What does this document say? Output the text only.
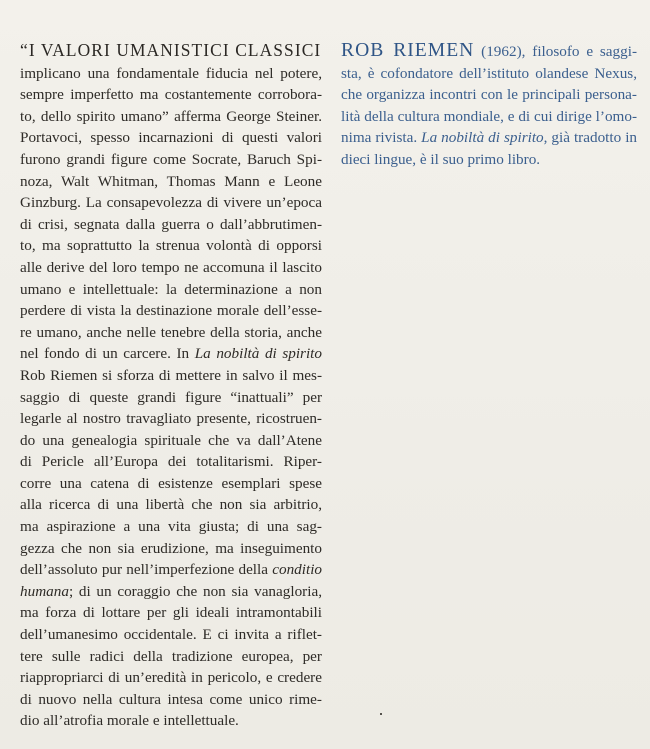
“I VALORI UMANISTICI CLASSICI
implicano una fondamentale fiducia nel potere,
sempre imperfetto ma costantemente corrobora-
to, dello spirito umano” afferma George Steiner.
Portavoci, spesso incarnazioni di questi valori
furono grandi figure come Socrate, Baruch Spi-
noza, Walt Whitman, Thomas Mann e Leone
Ginzburg. La consapevolezza di vivere un’epoca
di crisi, segnata dalla guerra o dall’abbrutimen-
to, ma soprattutto la strenua volontà di opporsi
alle derive del loro tempo ne accomuna il lascito
umano e intellettuale: la determinazione a non
perdere di vista la destinazione morale dell’esse-
re umano, anche nelle tenebre della storia, anche
nel fondo di un carcere. In La nobiltà di spirito
Rob Riemen si sforza di mettere in salvo il mes-
saggio di queste grandi figure “inattuali” per
legarle al nostro travagliato presente, ricostruen-
do una genealogia spirituale che va dall’Atene
di Pericle all’Europa dei totalitarismi. Riper-
corre una catena di esistenze esemplari spese
alla ricerca di una libertà che non sia arbitrio,
ma aspirazione a una vita giusta; di una sag-
gezza che non sia erudizione, ma inseguimento
dell’assoluto pur nell’imperfezione della conditio
humana; di un coraggio che non sia vanagloria,
ma forza di lottare per gli ideali intramontabili
dell’umanesimo occidentale. E ci invita a riflet-
tere sulle radici della tradizione europea, per
riappropriarci di un’eredità in pericolo, e credere
di nuovo nella cultura intesa come unico rime-
dio all’atrofia morale e intellettuale.
ROB RIEMEN (1962), filosofo e saggi-
sta, è cofondatore dell’istituto olandese Nexus,
che organizza incontri con le principali persona-
lità della cultura mondiale, e di cui dirige l’omo-
nima rivista. La nobiltà di spirito, già tradotto in
dieci lingue, è il suo primo libro.
